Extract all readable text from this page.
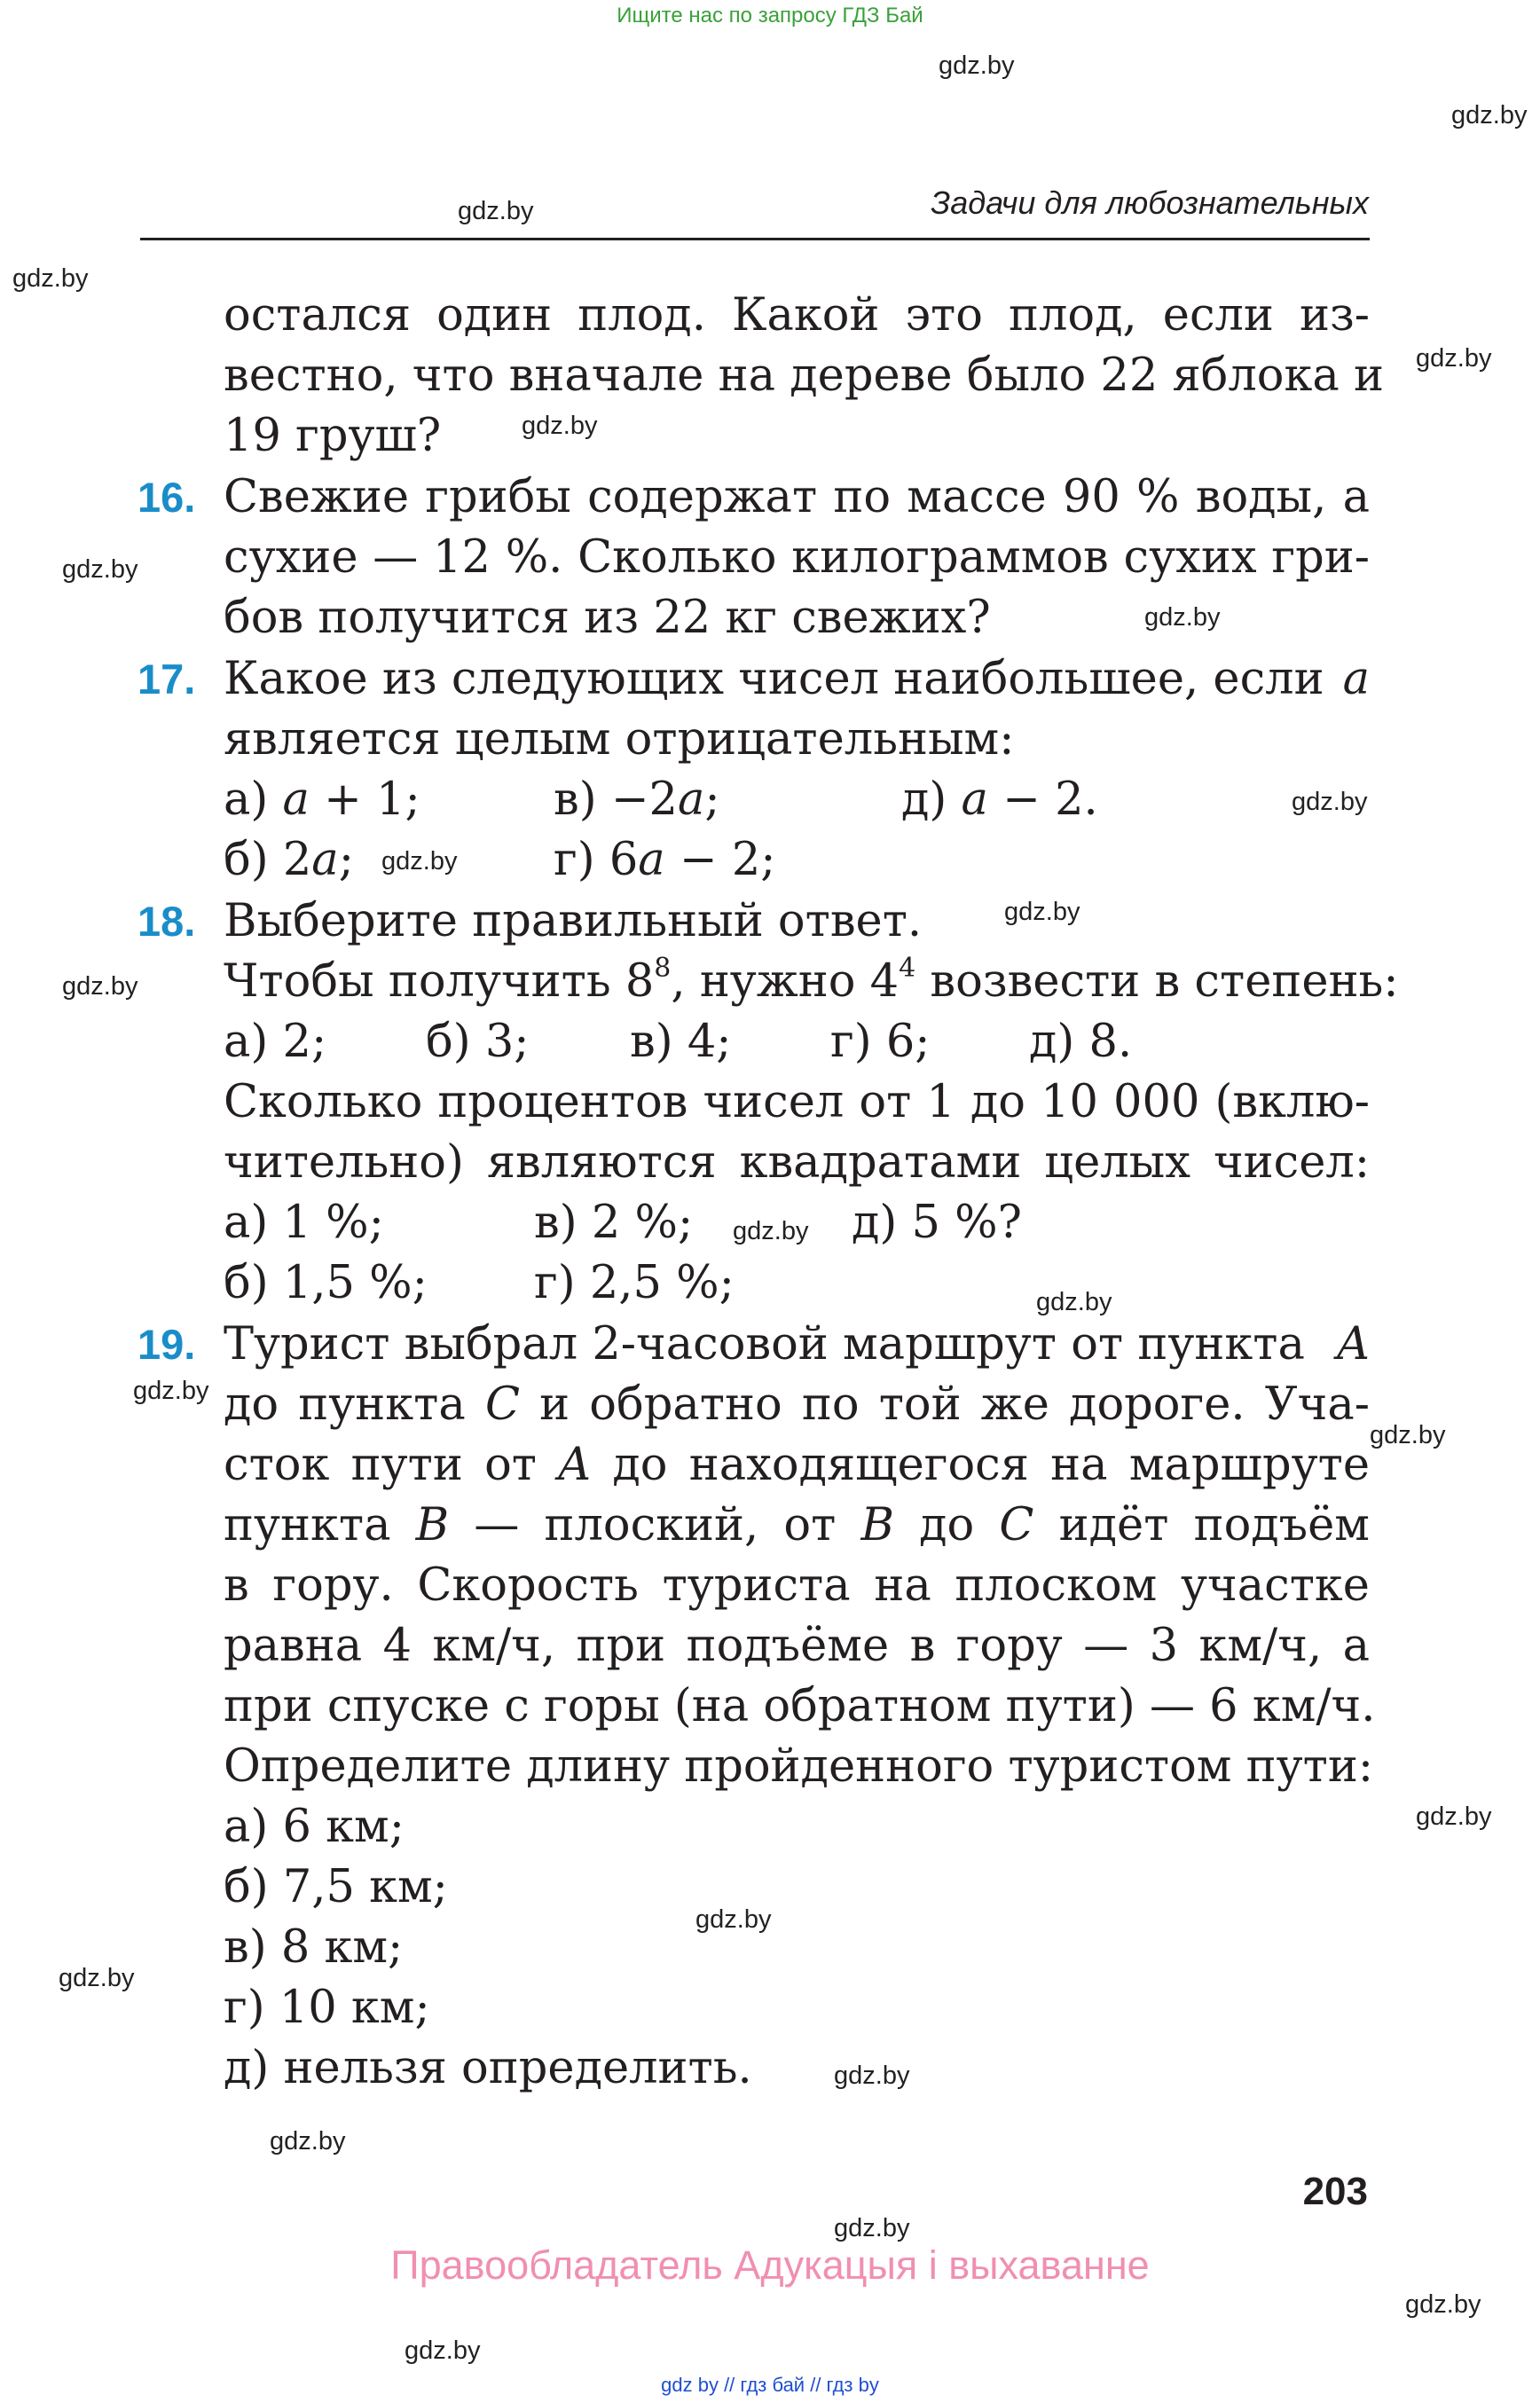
Ищите нас по запросу ГДЗ Бай
gdz.by
gdz.by
gdz.by
gdz.by
gdz.by
gdz.by
gdz.by
gdz.by
gdz.by
gdz.by
gdz.by
gdz.by
gdz.by
gdz.by
gdz.by
gdz.by
gdz.by
gdz.by
gdz.by
gdz.by
gdz.by
gdz.by
gdz.by
gdz.by
Задачи для любознательных
остался один плод. Какой это плод, если из-
вестно, что вначале на дереве было 22 яблока и
19 груш?
16. Свежие грибы содержат по массе 90 % воды, а
сухие — 12 %. Сколько килограммов сухих гри-
бов получится из 22 кг свежих?
17. Какое из следующих чисел наибольшее, если a
является целым отрицательным:
а) a + 1;	в) −2a;	д) a − 2.
б) 2a;	г) 6a − 2;
18. Выберите правильный ответ.
Чтобы получить $8^8$, нужно $4^4$ возвести в степень:
а) 2; б) 3; в) 4; г) 6; д) 8.
Сколько процентов чисел от 1 до 10 000 (вклю-
чительно) являются квадратами целых чисел:
а) 1 %;	в) 2 %;	д) 5 %?
б) 1,5 %; г) 2,5 %;
19. Турист выбрал 2-часовой маршрут от пункта A
до пункта C и обратно по той же дороге. Уча-
сток пути от A до находящегося на маршруте
пункта B — плоский, от B до C идёт подъём
в гору. Скорость туриста на плоском участке
равна 4 км/ч, при подъёме в гору — 3 км/ч, а
при спуске с горы (на обратном пути) — 6 км/ч.
Определите длину пройденного туристом пути:
а) 6 км;
б) 7,5 км;
в) 8 км;
г) 10 км;
д) нельзя определить.
203
Правообладатель Адукацыя і выхаванне
gdz by // гдз бай // гдз by
